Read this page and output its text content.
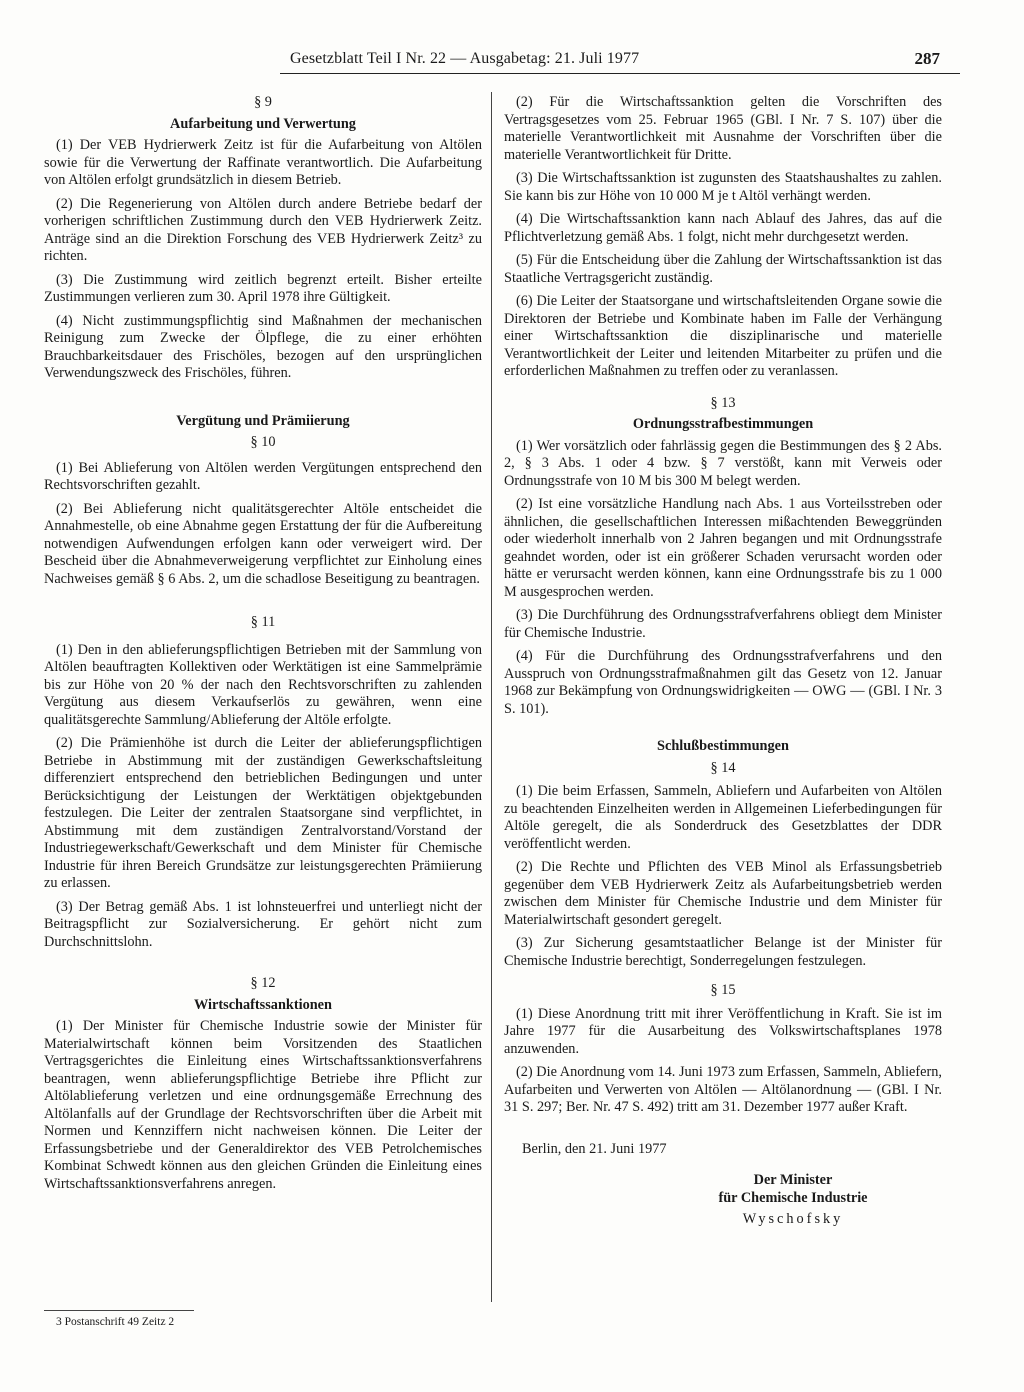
Gesetzblatt Teil I Nr. 22 — Ausgabetag: 21. Juli 1977	287

§ 9

Aufarbeitung und Verwertung

(1) Der VEB Hydrierwerk Zeitz ist für die Aufarbeitung von Altölen sowie für die Verwertung der Raffinate verantwortlich. Die Aufarbeitung von Altölen erfolgt grundsätzlich in diesem Betrieb.

(2) Die Regenerierung von Altölen durch andere Betriebe bedarf der vorherigen schriftlichen Zustimmung durch den VEB Hydrierwerk Zeitz. Anträge sind an die Direktion Forschung des VEB Hydrierwerk Zeitz³ zu richten.

(3) Die Zustimmung wird zeitlich begrenzt erteilt. Bisher erteilte Zustimmungen verlieren zum 30. April 1978 ihre Gültigkeit.

(4) Nicht zustimmungspflichtig sind Maßnahmen der mechanischen Reinigung zum Zwecke der Ölpflege, die zu einer erhöhten Brauchbarkeitsdauer des Frischöles, bezogen auf den ursprünglichen Verwendungszweck des Frischöles, führen.

Vergütung und Prämiierung

§ 10

(1) Bei Ablieferung von Altölen werden Vergütungen entsprechend den Rechtsvorschriften gezahlt.

(2) Bei Ablieferung nicht qualitätsgerechter Altöle entscheidet die Annahmestelle, ob eine Abnahme gegen Erstattung der für die Aufbereitung notwendigen Aufwendungen erfolgen kann oder verweigert wird. Der Bescheid über die Abnahmeverweigerung verpflichtet zur Einholung eines Nachweises gemäß § 6 Abs. 2, um die schadlose Beseitigung zu beantragen.

§ 11

(1) Den in den ablieferungspflichtigen Betrieben mit der Sammlung von Altölen beauftragten Kollektiven oder Werktätigen ist eine Sammelprämie bis zur Höhe von 20 % der nach den Rechtsvorschriften zu zahlenden Vergütung aus diesem Verkaufserlös zu gewähren, wenn eine qualitätsgerechte Sammlung/Ablieferung der Altöle erfolgte.

(2) Die Prämienhöhe ist durch die Leiter der ablieferungspflichtigen Betriebe in Abstimmung mit der zuständigen Gewerkschaftsleitung differenziert entsprechend den betrieblichen Bedingungen und unter Berücksichtigung der Leistungen der Werktätigen objektgebunden festzulegen. Die Leiter der zentralen Staatsorgane sind verpflichtet, in Abstimmung mit dem zuständigen Zentralvorstand/Vorstand der Industriegewerkschaft/Gewerkschaft und dem Minister für Chemische Industrie für ihren Bereich Grundsätze zur leistungsgerechten Prämiierung zu erlassen.

(3) Der Betrag gemäß Abs. 1 ist lohnsteuerfrei und unterliegt nicht der Beitragspflicht zur Sozialversicherung. Er gehört nicht zum Durchschnittslohn.

§ 12

Wirtschaftssanktionen

(1) Der Minister für Chemische Industrie sowie der Minister für Materialwirtschaft können beim Vorsitzenden des Staatlichen Vertragsgerichtes die Einleitung eines Wirtschaftssanktionsverfahrens beantragen, wenn ablieferungspflichtige Betriebe ihre Pflicht zur Altölablieferung verletzen und eine ordnungsgemäße Errechnung des Altölanfalls auf der Grundlage der Rechtsvorschriften über die Arbeit mit Normen und Kennziffern nicht nachweisen können. Die Leiter der Erfassungsbetriebe und der Generaldirektor des VEB Petrolchemisches Kombinat Schwedt können aus den gleichen Gründen die Einleitung eines Wirtschaftssanktionsverfahrens anregen.

(2) Für die Wirtschaftssanktion gelten die Vorschriften des Vertragsgesetzes vom 25. Februar 1965 (GBl. I Nr. 7 S. 107) über die materielle Verantwortlichkeit mit Ausnahme der Vorschriften über die materielle Verantwortlichkeit für Dritte.

(3) Die Wirtschaftssanktion ist zugunsten des Staatshaushaltes zu zahlen. Sie kann bis zur Höhe von 10 000 M je t Altöl verhängt werden.

(4) Die Wirtschaftssanktion kann nach Ablauf des Jahres, das auf die Pflichtverletzung gemäß Abs. 1 folgt, nicht mehr durchgesetzt werden.

(5) Für die Entscheidung über die Zahlung der Wirtschaftssanktion ist das Staatliche Vertragsgericht zuständig.

(6) Die Leiter der Staatsorgane und wirtschaftsleitenden Organe sowie die Direktoren der Betriebe und Kombinate haben im Falle der Verhängung einer Wirtschaftssanktion die disziplinarische und materielle Verantwortlichkeit der Leiter und leitenden Mitarbeiter zu prüfen und die erforderlichen Maßnahmen zu treffen oder zu veranlassen.

§ 13

Ordnungsstrafbestimmungen

(1) Wer vorsätzlich oder fahrlässig gegen die Bestimmungen des § 2 Abs. 2, § 3 Abs. 1 oder 4 bzw. § 7 verstößt, kann mit Verweis oder Ordnungsstrafe von 10 M bis 300 M belegt werden.

(2) Ist eine vorsätzliche Handlung nach Abs. 1 aus Vorteilsstreben oder ähnlichen, die gesellschaftlichen Interessen mißachtenden Beweggründen oder wiederholt innerhalb von 2 Jahren begangen und mit Ordnungsstrafe geahndet worden, oder ist ein größerer Schaden verursacht worden oder hätte er verursacht werden können, kann eine Ordnungsstrafe bis zu 1 000 M ausgesprochen werden.

(3) Die Durchführung des Ordnungsstrafverfahrens obliegt dem Minister für Chemische Industrie.

(4) Für die Durchführung des Ordnungsstrafverfahrens und den Ausspruch von Ordnungsstrafmaßnahmen gilt das Gesetz von 12. Januar 1968 zur Bekämpfung von Ordnungswidrigkeiten — OWG — (GBl. I Nr. 3 S. 101).

Schlußbestimmungen

§ 14

(1) Die beim Erfassen, Sammeln, Abliefern und Aufarbeiten von Altölen zu beachtenden Einzelheiten werden in Allgemeinen Lieferbedingungen für Altöle geregelt, die als Sonderdruck des Gesetzblattes der DDR veröffentlicht werden.

(2) Die Rechte und Pflichten des VEB Minol als Erfassungsbetrieb gegenüber dem VEB Hydrierwerk Zeitz als Aufarbeitungsbetrieb werden zwischen dem Minister für Chemische Industrie und dem Minister für Materialwirtschaft gesondert geregelt.

(3) Zur Sicherung gesamtstaatlicher Belange ist der Minister für Chemische Industrie berechtigt, Sonderregelungen festzulegen.

§ 15

(1) Diese Anordnung tritt mit ihrer Veröffentlichung in Kraft. Sie ist im Jahre 1977 für die Ausarbeitung des Volkswirtschaftsplanes 1978 anzuwenden.

(2) Die Anordnung vom 14. Juni 1973 zum Erfassen, Sammeln, Abliefern, Aufarbeiten und Verwerten von Altölen — Altölanordnung — (GBl. I Nr. 31 S. 297; Ber. Nr. 47 S. 492) tritt am 31. Dezember 1977 außer Kraft.

Berlin, den 21. Juni 1977

Der Minister

für Chemische Industrie

Wyschofsky

3 Postanschrift 49 Zeitz 2
